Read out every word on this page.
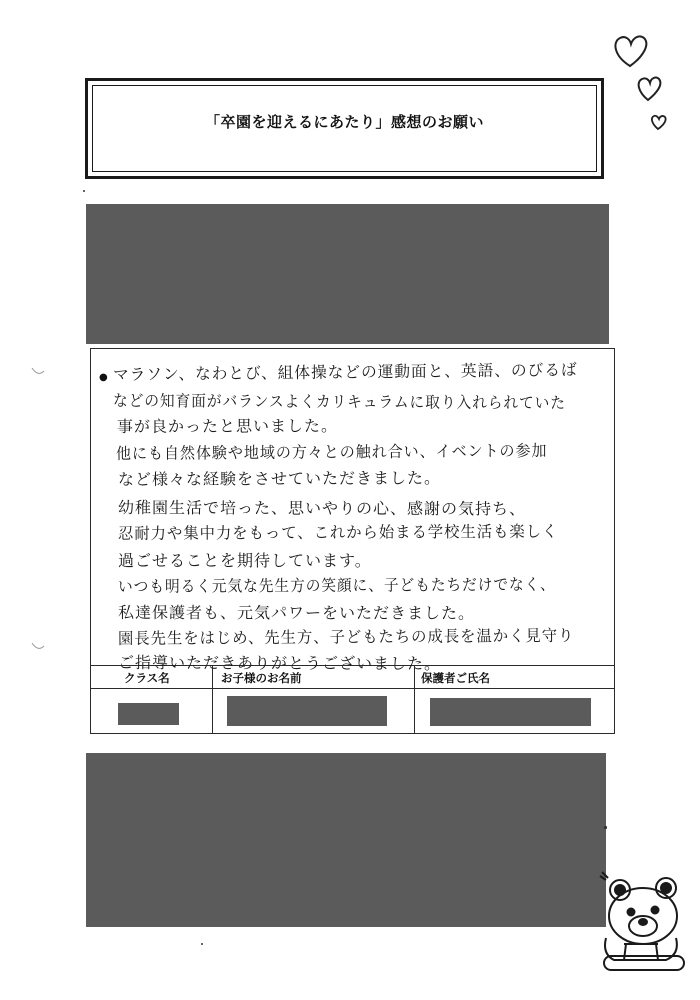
「卒園を迎えるにあたり」感想のお願い
● マラソン、なわとび、組体操などの運動面と、英語、のびるば
などの知育面がバランスよくカリキュラムに取り入れられていた
事が良かったと思いました。
他にも自然体験や地域の方々との触れ合い、イベントの参加
など様々な経験をさせていただきました。
幼稚園生活で培った、思いやりの心、感謝の気持ち、
忍耐力や集中力をもって、これから始まる学校生活も楽しく
過ごせることを期待しています。
いつも明るく元気な先生方の笑顔に、子どもたちだけでなく、
私達保護者も、元気パワーをいただきました。
園長先生をはじめ、先生方、子どもたちの成長を温かく見守り
ご指導いただきありがとうございました。
クラス名	お子様のお名前	保護者ご氏名
